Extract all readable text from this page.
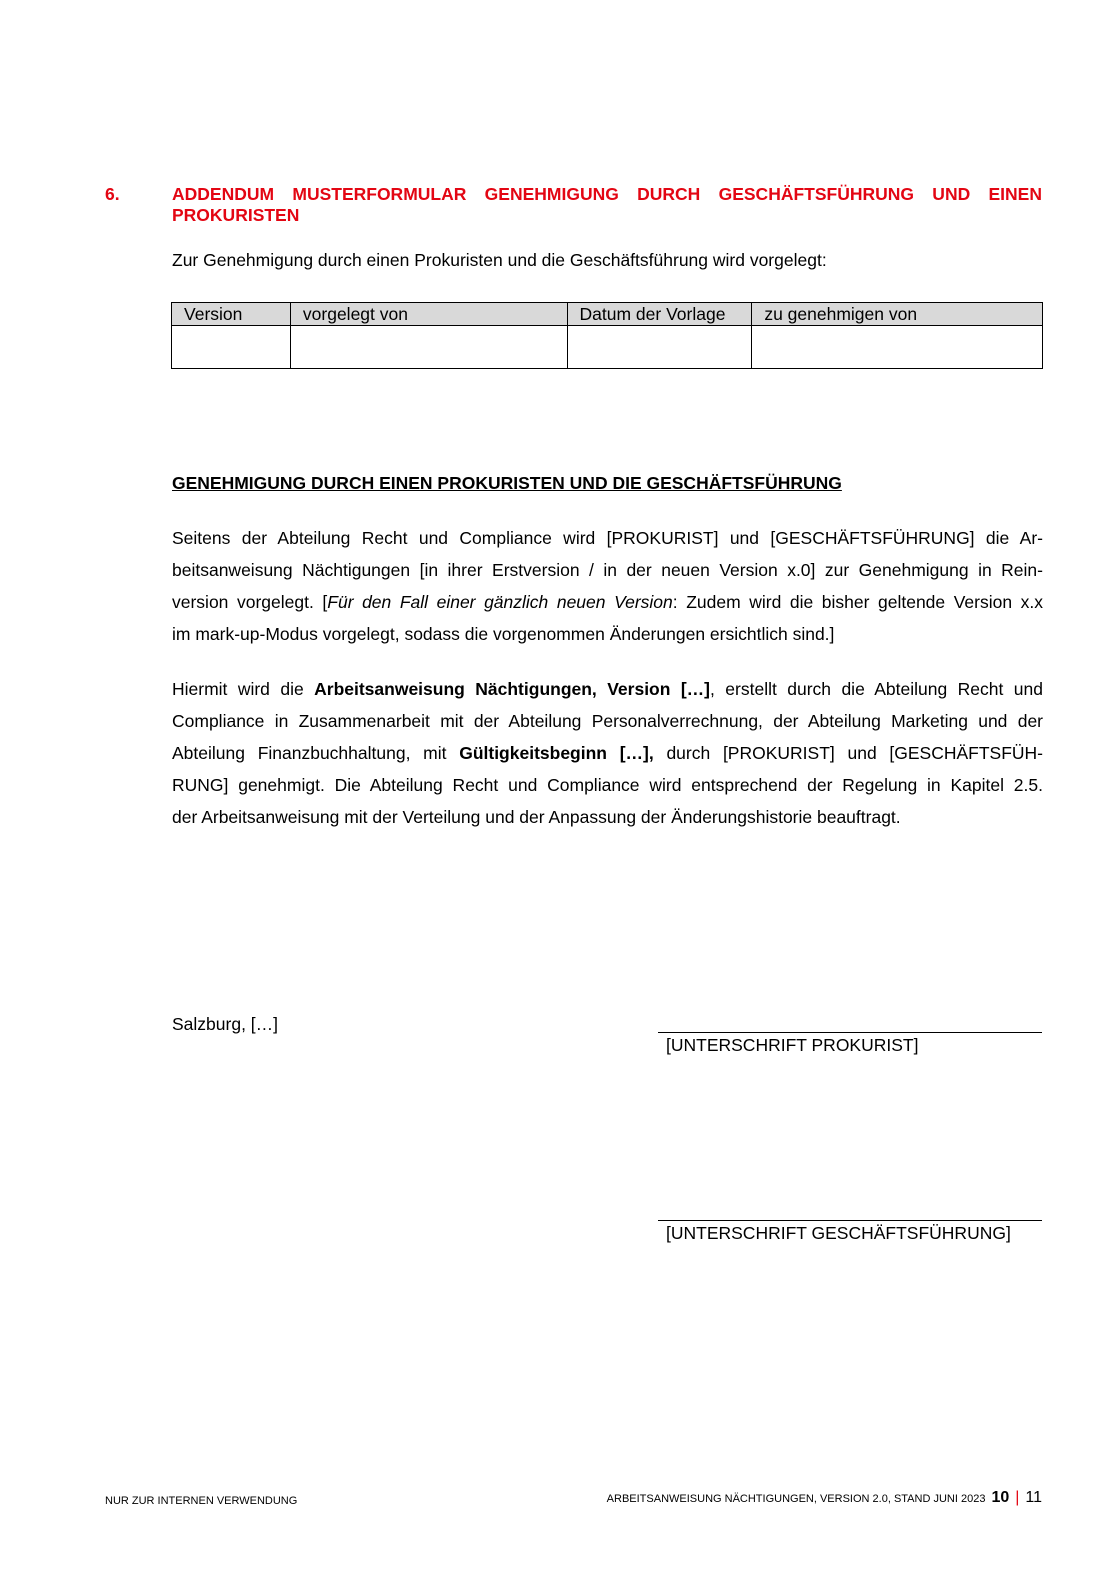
6.	ADDENDUM MUSTERFORMULAR GENEHMIGUNG DURCH GESCHÄFTSFÜHRUNG UND EINEN PROKURISTEN
Zur Genehmigung durch einen Prokuristen und die Geschäftsführung wird vorgelegt:
Version	vorgelegt von	Datum der Vorlage	zu genehmigen von

GENEHMIGUNG DURCH EINEN PROKURISTEN UND DIE GESCHÄFTSFÜHRUNG
Seitens der Abteilung Recht und Compliance wird [PROKURIST] und [GESCHÄFTSFÜHRUNG] die Ar-
beitsanweisung Nächtigungen [in ihrer Erstversion / in der neuen Version x.0] zur Genehmigung in Rein-
version vorgelegt. [Für den Fall einer gänzlich neuen Version: Zudem wird die bisher geltende Version x.x
im mark-up-Modus vorgelegt, sodass die vorgenommen Änderungen ersichtlich sind.]
Hiermit wird die Arbeitsanweisung Nächtigungen, Version […], erstellt durch die Abteilung Recht und
Compliance in Zusammenarbeit mit der Abteilung Personalverrechnung, der Abteilung Marketing und der
Abteilung Finanzbuchhaltung, mit Gültigkeitsbeginn […], durch [PROKURIST] und [GESCHÄFTSFÜH-
RUNG] genehmigt. Die Abteilung Recht und Compliance wird entsprechend der Regelung in Kapitel 2.5.
der Arbeitsanweisung mit der Verteilung und der Anpassung der Änderungshistorie beauftragt.
Salzburg, […]
[UNTERSCHRIFT PROKURIST]
[UNTERSCHRIFT GESCHÄFTSFÜHRUNG]
NUR ZUR INTERNEN VERWENDUNG	ARBEITSANWEISUNG NÄCHTIGUNGEN, VERSION 2.0, STAND JUNI 2023 10 | 11
